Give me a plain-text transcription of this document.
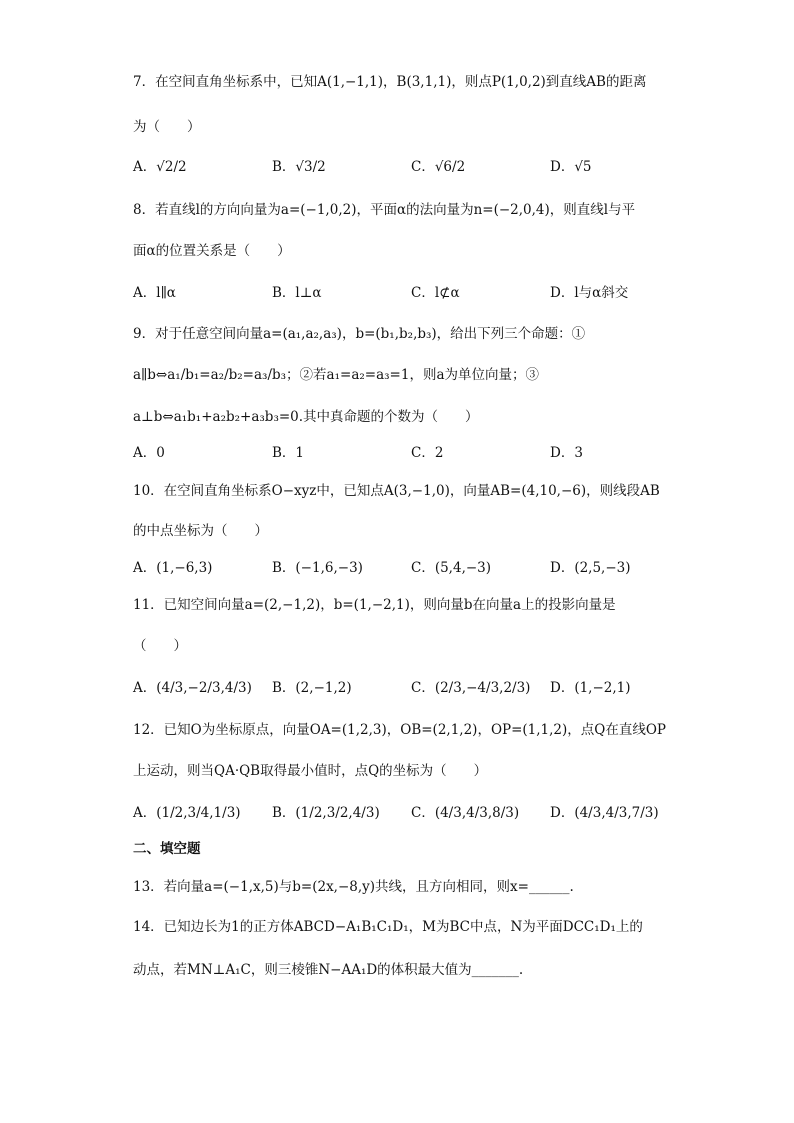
7．在空间直角坐标系中，已知A(1,−1,1)，B(3,1,1)，则点P(1,0,2)到直线AB的距离
为（　　）
A．√2/2	B．√3/2	C．√6/2	D．√5
8．若直线l的方向向量为a=(−1,0,2)，平面α的法向量为n=(−2,0,4)，则直线l与平
面α的位置关系是（　　）
A．l∥α	B．l⊥α	C．l⊄α	D．l与α斜交
9．对于任意空间向量a=(a₁,a₂,a₃)，b=(b₁,b₂,b₃)，给出下列三个命题：①
a∥b⇔a₁/b₁=a₂/b₂=a₃/b₃；②若a₁=a₂=a₃=1，则a为单位向量；③
a⊥b⇔a₁b₁+a₂b₂+a₃b₃=0.其中真命题的个数为（　　）
A．0	B．1	C．2	D．3
10．在空间直角坐标系O−xyz中，已知点A(3,−1,0)，向量AB=(4,10,−6)，则线段AB
的中点坐标为（　　）
A．(1,−6,3)	B．(−1,6,−3)	C．(5,4,−3)	D．(2,5,−3)
11．已知空间向量a=(2,−1,2)，b=(1,−2,1)，则向量b在向量a上的投影向量是
（　　）
A．(4/3,−2/3,4/3)	B．(2,−1,2)	C．(2/3,−4/3,2/3)	D．(1,−2,1)
12．已知O为坐标原点，向量OA=(1,2,3)，OB=(2,1,2)，OP=(1,1,2)，点Q在直线OP
上运动，则当QA·QB取得最小值时，点Q的坐标为（　　）
A．(1/2,3/4,1/3)	B．(1/2,3/2,4/3)	C．(4/3,4/3,8/3)	D．(4/3,4/3,7/3)
二、填空题
13．若向量a=(−1,x,5)与b=(2x,−8,y)共线，且方向相同，则x=______.
14．已知边长为1的正方体ABCD−A₁B₁C₁D₁，M为BC中点，N为平面DCC₁D₁上的
动点，若MN⊥A₁C，则三棱锥N−AA₁D的体积最大值为_______.
